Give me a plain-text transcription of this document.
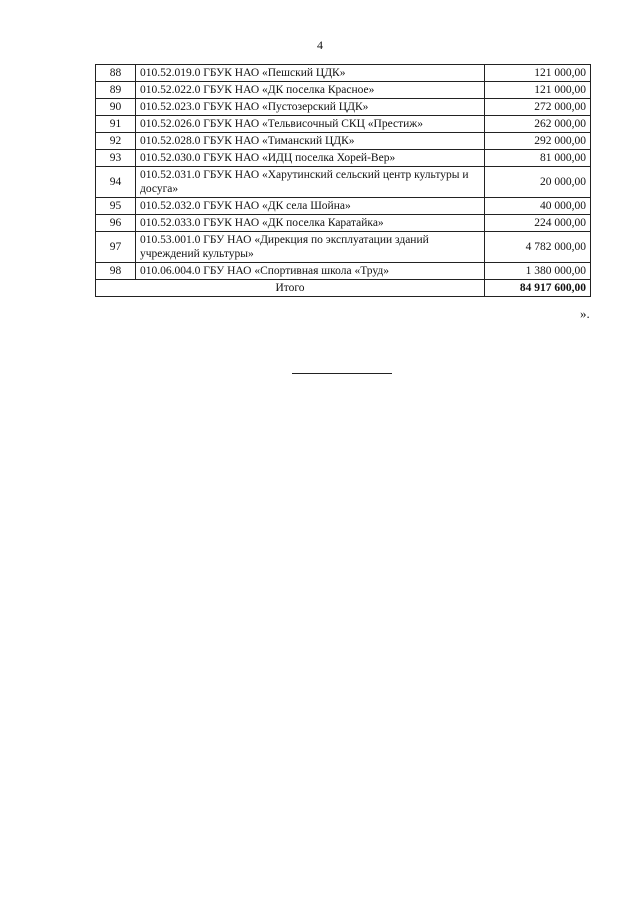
4
88	010.52.019.0 ГБУК НАО «Пешский ЦДК»	121 000,00
89	010.52.022.0 ГБУК НАО «ДК поселка Красное»	121 000,00
90	010.52.023.0 ГБУК НАО «Пустозерский ЦДК»	272 000,00
91	010.52.026.0 ГБУК НАО «Тельвисочный СКЦ «Престиж»	262 000,00
92	010.52.028.0 ГБУК НАО «Тиманский ЦДК»	292 000,00
93	010.52.030.0 ГБУК НАО «ИДЦ поселка Хорей-Вер»	81 000,00
94	010.52.031.0 ГБУК НАО «Харутинский сельский центр культуры и досуга»	20 000,00
95	010.52.032.0 ГБУК НАО «ДК села Шойна»	40 000,00
96	010.52.033.0 ГБУК НАО «ДК поселка Каратайка»	224 000,00
97	010.53.001.0 ГБУ НАО «Дирекция по эксплуатации зданий учреждений культуры»	4 782 000,00
98	010.06.004.0 ГБУ НАО «Спортивная школа «Труд»	1 380 000,00
Итого		84 917 600,00
».
